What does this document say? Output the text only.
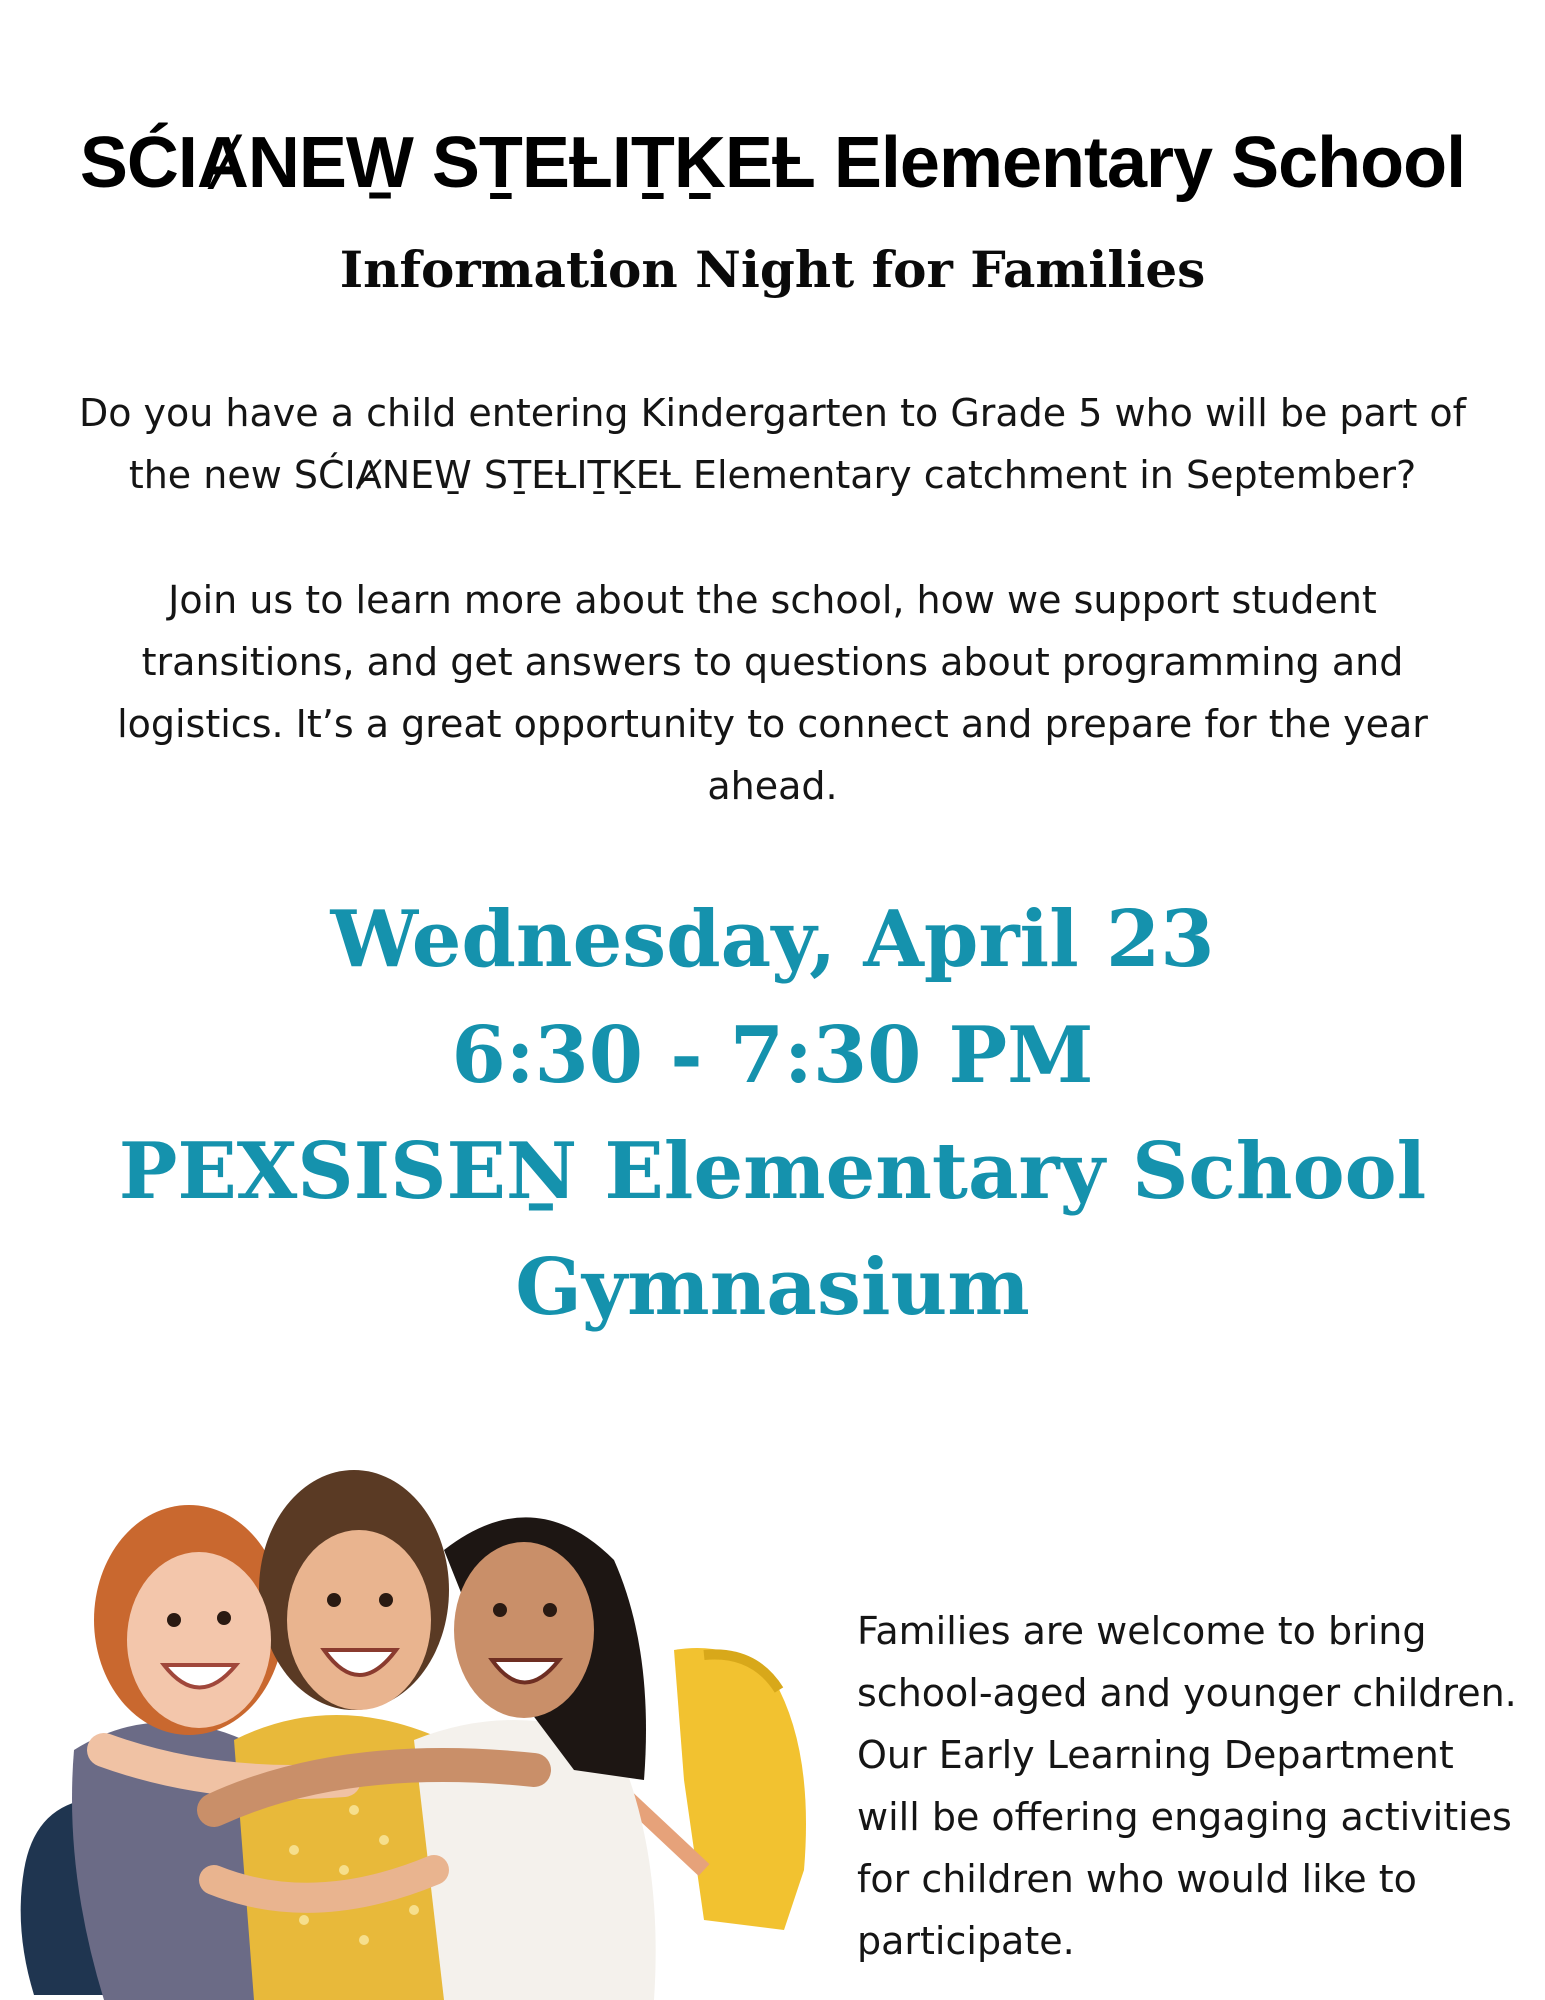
SĆIȺNEW̱ SṮEȽIṮḴEȽ Elementary School
Information Night for Families

Do you have a child entering Kindergarten to Grade 5 who will be part of the new SĆIȺNEW̱ SṮEȽIṮḴEȽ Elementary catchment in September?

Join us to learn more about the school, how we support student transitions, and get answers to questions about programming and logistics. It’s a great opportunity to connect and prepare for the year ahead.

Wednesday, April 23
6:30 - 7:30 PM
PEXSISEṈ Elementary School Gymnasium

Families are welcome to bring school-aged and younger children. Our Early Learning Department will be offering engaging activities for children who would like to participate.
